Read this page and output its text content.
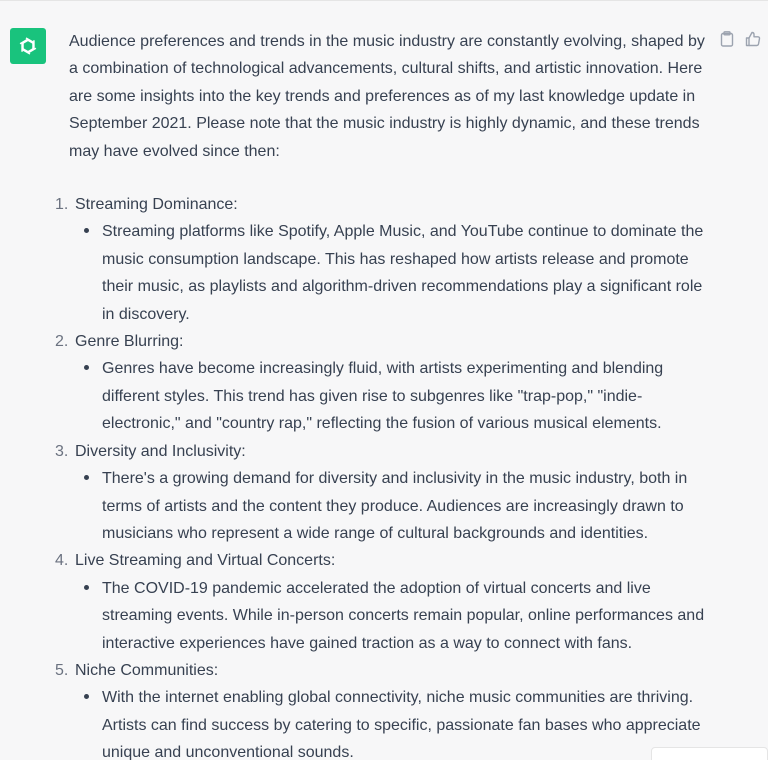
Audience preferences and trends in the music industry are constantly evolving, shaped by a combination of technological advancements, cultural shifts, and artistic innovation. Here are some insights into the key trends and preferences as of my last knowledge update in September 2021. Please note that the music industry is highly dynamic, and these trends may have evolved since then:

1. Streaming Dominance:
Streaming platforms like Spotify, Apple Music, and YouTube continue to dominate the music consumption landscape. This has reshaped how artists release and promote their music, as playlists and algorithm-driven recommendations play a significant role in discovery.
2. Genre Blurring:
Genres have become increasingly fluid, with artists experimenting and blending different styles. This trend has given rise to subgenres like "trap-pop," "indie-electronic," and "country rap," reflecting the fusion of various musical elements.
3. Diversity and Inclusivity:
There's a growing demand for diversity and inclusivity in the music industry, both in terms of artists and the content they produce. Audiences are increasingly drawn to musicians who represent a wide range of cultural backgrounds and identities.
4. Live Streaming and Virtual Concerts:
The COVID-19 pandemic accelerated the adoption of virtual concerts and live streaming events. While in-person concerts remain popular, online performances and interactive experiences have gained traction as a way to connect with fans.
5. Niche Communities:
With the internet enabling global connectivity, niche music communities are thriving. Artists can find success by catering to specific, passionate fan bases who appreciate unique and unconventional sounds.
